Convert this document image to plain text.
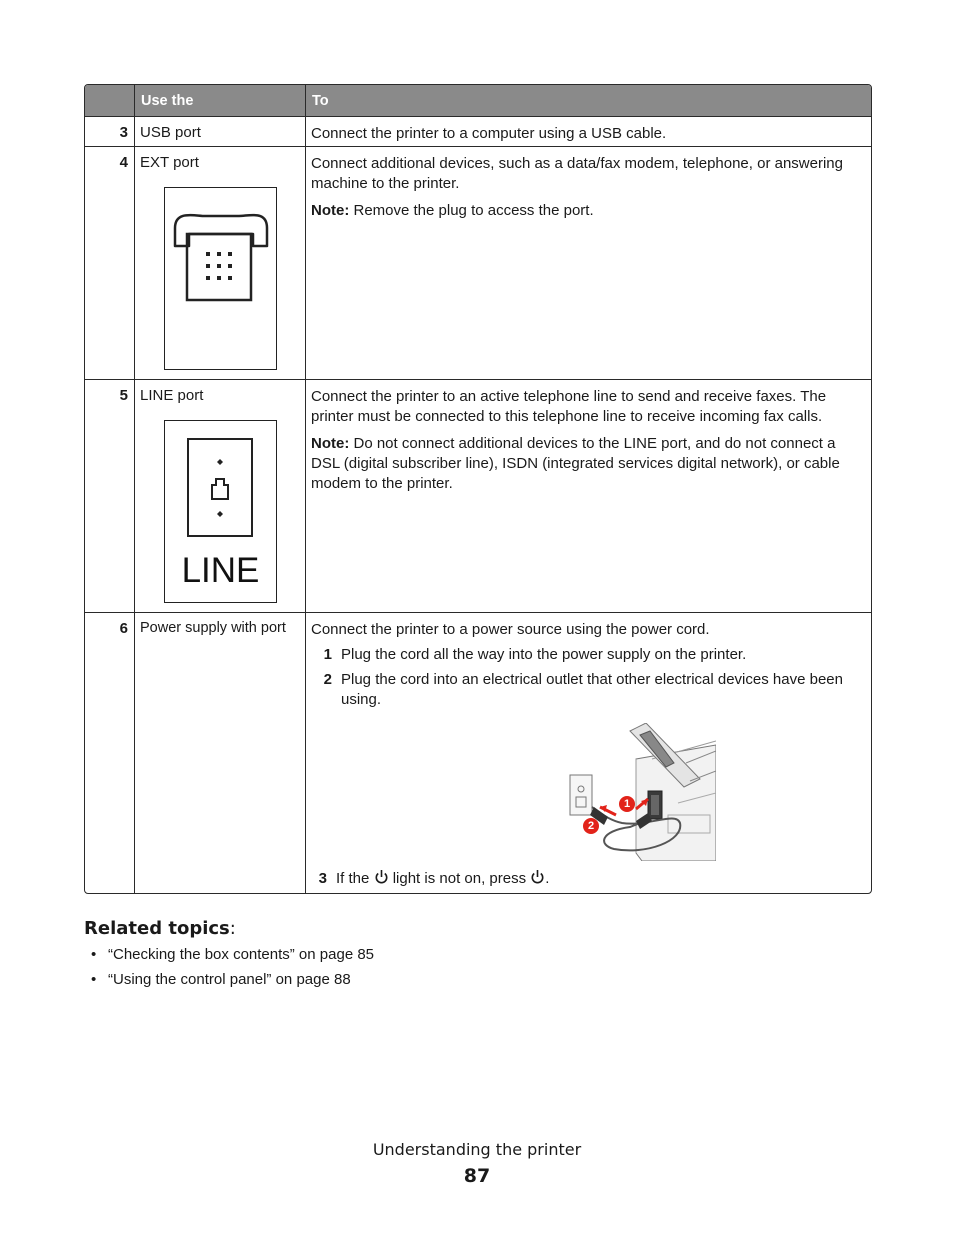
Use the	To
3 USB port	Connect the printer to a computer using a USB cable.

4 EXT port	Connect additional devices, such as a data/fax modem, telephone, or answering machine to the printer.

Note: Remove the plug to access the port.

5 LINE port	Connect the printer to an active telephone line to send and receive faxes. The printer must be connected to this telephone line to receive incoming fax calls.

Note: Do not connect additional devices to the LINE port, and do not connect a DSL (digital subscriber line), ISDN (integrated services digital network), or cable modem to the printer.

LINE
6 Power supply with port	Connect the printer to a power source using the power cord.

1 Plug the cord all the way into the power supply on the printer.
2 Plug the cord into an electrical outlet that other electrical devices have been using.
1
2
3 If the  light is not on, press .
Related topics:
• “Checking the box contents” on page 85
• “Using the control panel” on page 88
Understanding the printer
87
